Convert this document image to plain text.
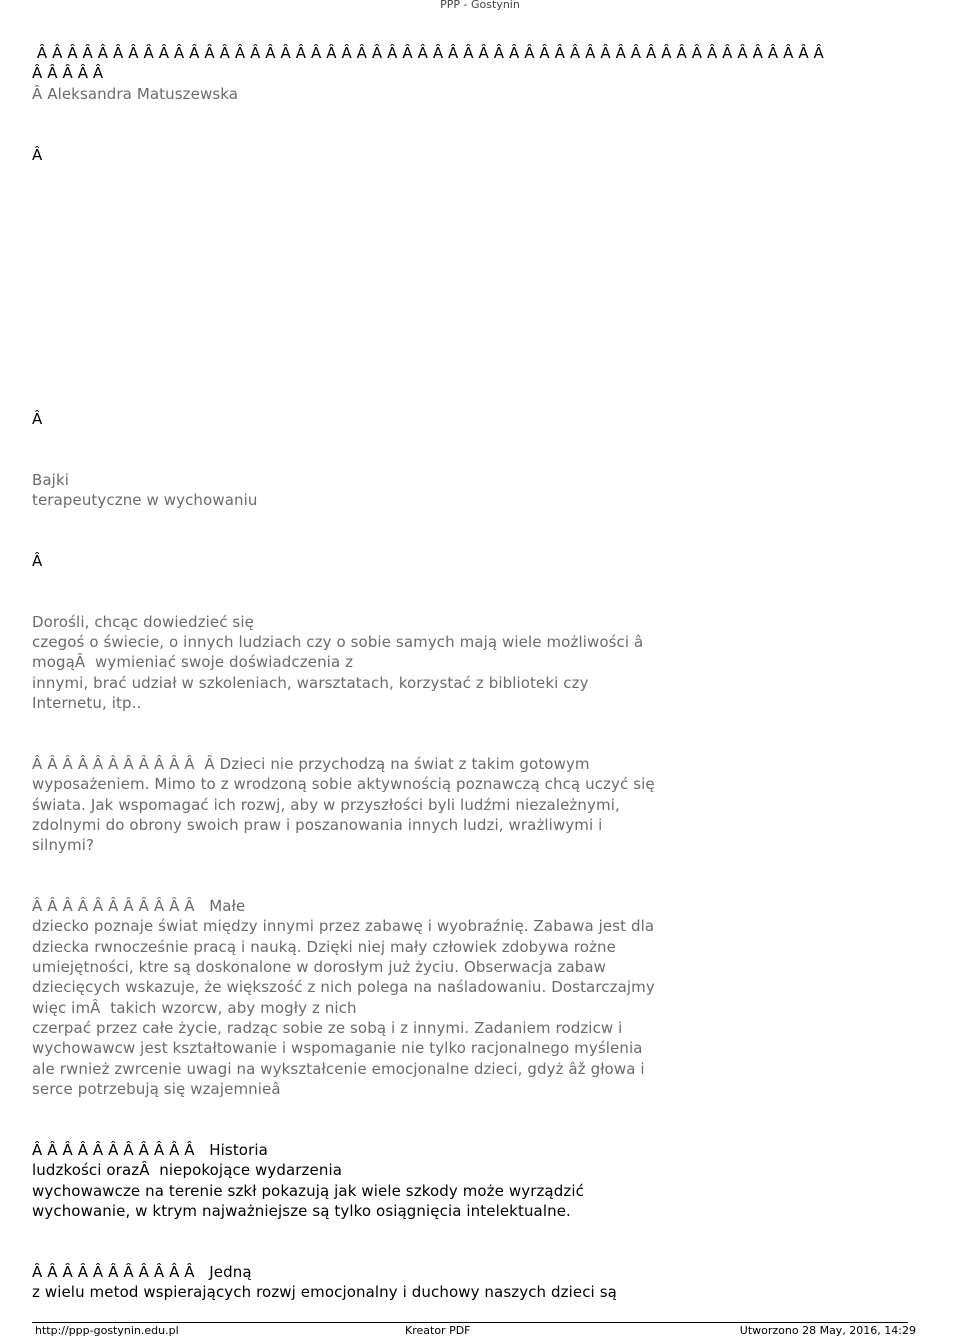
PPP - Gostynin
Â Â Â Â Â Â Â Â Â Â Â Â Â Â Â Â Â Â Â Â Â Â Â Â Â Â Â Â Â Â Â Â Â Â Â Â Â Â Â Â Â Â Â Â Â Â Â Â Â Â Â Â
Â Â Â Â Â
Â Aleksandra Matuszewska
Â
Â
Bajki
terapeutyczne w wychowaniu
Â
Dorośli, chcąc dowiedzieć się
czegoś o świecie, o innych ludziach czy o sobie samych mają wiele możliwości â
mogąÂ  wymieniać swoje doświadczenia z
innymi, brać udział w szkoleniach, warsztatach, korzystać z biblioteki czy
Internetu, itp..
Â Â Â Â Â Â Â Â Â Â Â  Â Dzieci nie przychodzą na świat z takim gotowym
wyposażeniem. Mimo to z wrodzoną sobie aktywnością poznawczą chcą uczyć się
świata. Jak wspomagać ich rozwj, aby w przyszłości byli ludźmi niezależnymi,
zdolnymi do obrony swoich praw i poszanowania innych ludzi, wrażliwymi i
silnymi?
Â Â Â Â Â Â Â Â Â Â Â   Małe
dziecko poznaje świat między innymi przez zabawę i wyobraźnię. Zabawa jest dla
dziecka rwnocześnie pracą i nauką. Dzięki niej mały człowiek zdobywa rożne
umiejętności, ktre są doskonalone w dorosłym już życiu. Obserwacja zabaw
dziecięcych wskazuje, że większość z nich polega na naśladowaniu. Dostarczajmy
więc imÂ  takich wzorcw, aby mogły z nich
czerpać przez całe życie, radząc sobie ze sobą i z innymi. Zadaniem rodzicw i
wychowawcw jest kształtowanie i wspomaganie nie tylko racjonalnego myślenia
ale rwnież zwrcenie uwagi na wykształcenie emocjonalne dzieci, gdyż âž głowa i
serce potrzebują się wzajemnieâ
Â Â Â Â Â Â Â Â Â Â Â   Historia
ludzkości orazÂ  niepokojące wydarzenia
wychowawcze na terenie szkł pokazują jak wiele szkody może wyrządzić
wychowanie, w ktrym najważniejsze są tylko osiągnięcia intelektualne.
Â Â Â Â Â Â Â Â Â Â Â   Jedną
z wielu metod wspierających rozwj emocjonalny i duchowy naszych dzieci są
http://ppp-gostynin.edu.pl	Kreator PDF	Utworzono 28 May, 2016, 14:29
